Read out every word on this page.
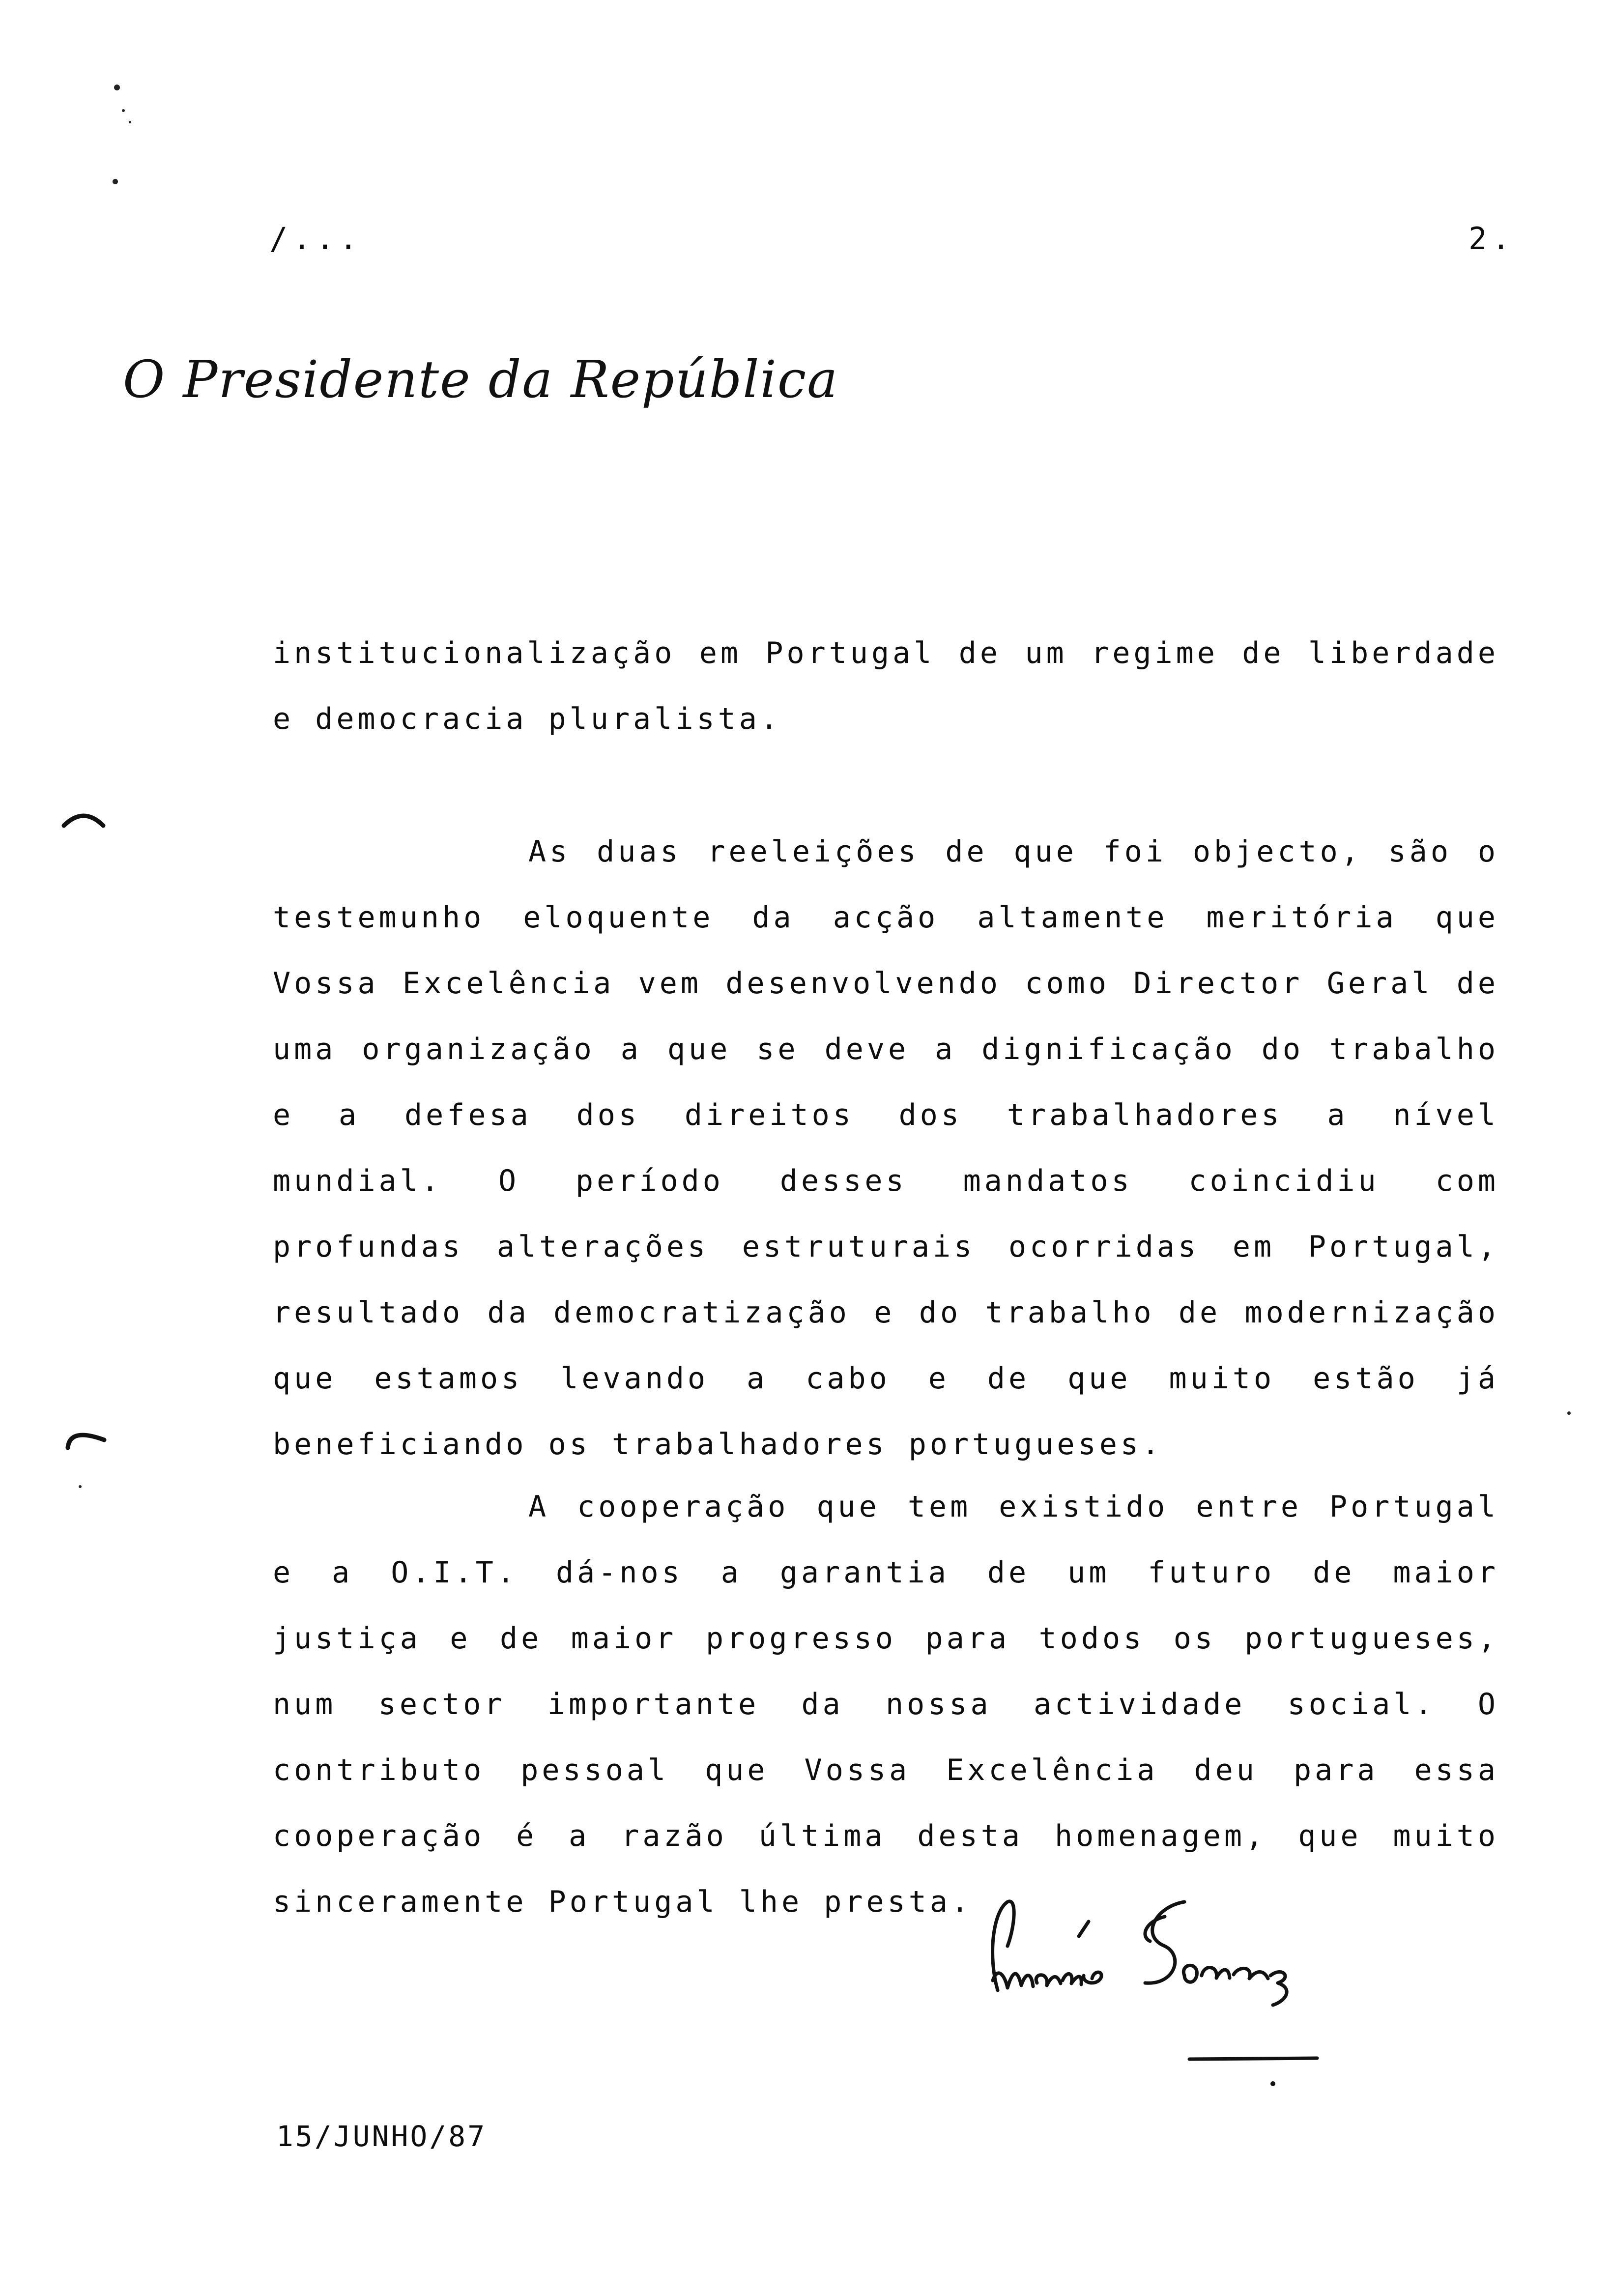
/...	2.
O Presidente da República
institucionalização em Portugal de um regime de liberdade e democracia pluralista.
As duas reeleições de que foi objecto, são o testemunho eloquente da acção altamente meritória que Vossa Excelência vem desenvolvendo como Director Geral de uma organização a que se deve a dignificação do trabalho e a defesa dos direitos dos trabalhadores a nível mundial. O período desses mandatos coincidiu com profundas alterações estruturais ocorridas em Portugal, resultado da democratização e do trabalho de modernização que estamos levando a cabo e de que muito estão já beneficiando os trabalhadores portugueses.
A cooperação que tem existido entre Portugal e a O.I.T. dá-nos a garantia de um futuro de maior justiça e de maior progresso para todos os portugueses, num sector importante da nossa actividade social. O contributo pessoal que Vossa Excelência deu para essa cooperação é a razão última desta homenagem, que muito sinceramente Portugal lhe presta.
15/JUNHO/87
